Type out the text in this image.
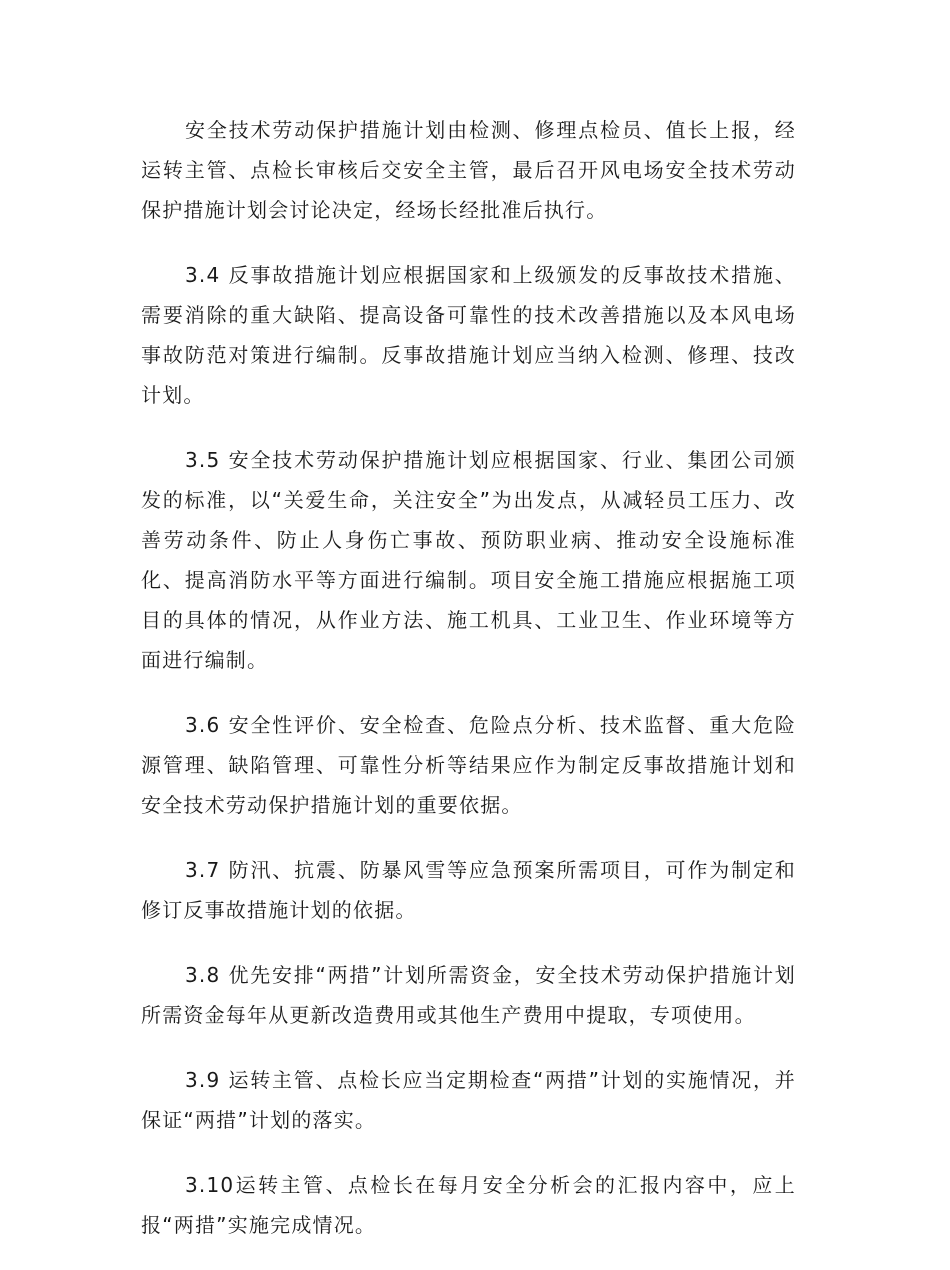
安全技术劳动保护措施计划由检测、修理点检员、值长上报，经运转主管、点检长审核后交安全主管，最后召开风电场安全技术劳动保护措施计划会讨论决定，经场长经批准后执行。

3.4 反事故措施计划应根据国家和上级颁发的反事故技术措施、需要消除的重大缺陷、提高设备可靠性的技术改善措施以及本风电场事故防范对策进行编制。反事故措施计划应当纳入检测、修理、技改计划。

3.5 安全技术劳动保护措施计划应根据国家、行业、集团公司颁发的标准，以“关爱生命，关注安全”为出发点，从减轻员工压力、改善劳动条件、防止人身伤亡事故、预防职业病、推动安全设施标准化、提高消防水平等方面进行编制。项目安全施工措施应根据施工项目的具体的情况，从作业方法、施工机具、工业卫生、作业环境等方面进行编制。

3.6 安全性评价、安全检查、危险点分析、技术监督、重大危险源管理、缺陷管理、可靠性分析等结果应作为制定反事故措施计划和安全技术劳动保护措施计划的重要依据。

3.7 防汛、抗震、防暴风雪等应急预案所需项目，可作为制定和修订反事故措施计划的依据。

3.8 优先安排“两措”计划所需资金，安全技术劳动保护措施计划所需资金每年从更新改造费用或其他生产费用中提取，专项使用。

3.9 运转主管、点检长应当定期检查“两措”计划的实施情况，并保证“两措”计划的落实。

3.10运转主管、点检长在每月安全分析会的汇报内容中，应上报“两措”实施完成情况。
